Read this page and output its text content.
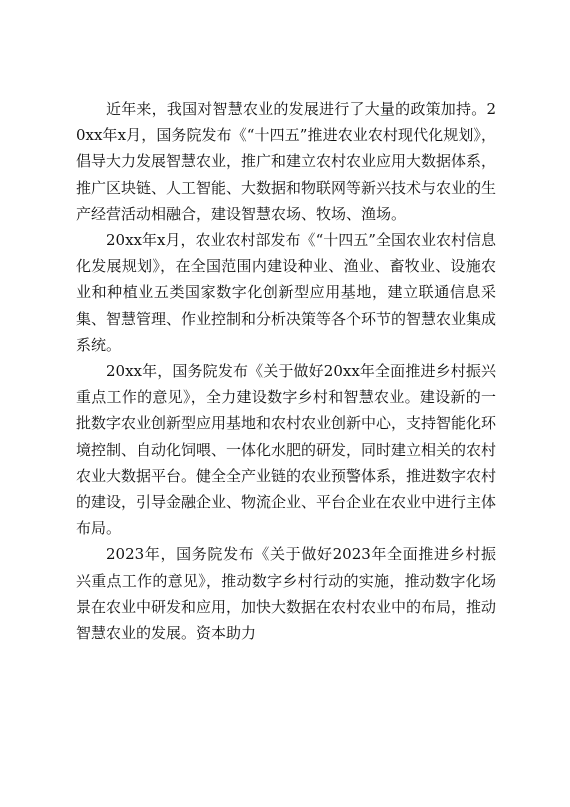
近年来，我国对智慧农业的发展进行了大量的政策加持。20xx年x月，国务院发布《“十四五”推进农业农村现代化规划》，倡导大力发展智慧农业，推广和建立农村农业应用大数据体系，推广区块链、人工智能、大数据和物联网等新兴技术与农业的生产经营活动相融合，建设智慧农场、牧场、渔场。

20xx年x月，农业农村部发布《“十四五”全国农业农村信息化发展规划》，在全国范围内建设种业、渔业、畜牧业、设施农业和种植业五类国家数字化创新型应用基地，建立联通信息采集、智慧管理、作业控制和分析决策等各个环节的智慧农业集成系统。

20xx年，国务院发布《关于做好20xx年全面推进乡村振兴重点工作的意见》，全力建设数字乡村和智慧农业。建设新的一批数字农业创新型应用基地和农村农业创新中心，支持智能化环境控制、自动化饲喂、一体化水肥的研发，同时建立相关的农村农业大数据平台。健全全产业链的农业预警体系，推进数字农村的建设，引导金融企业、物流企业、平台企业在农业中进行主体布局。

2023年，国务院发布《关于做好2023年全面推进乡村振兴重点工作的意见》，推动数字乡村行动的实施，推动数字化场景在农业中研发和应用，加快大数据在农村农业中的布局，推动智慧农业的发展。资本助力
